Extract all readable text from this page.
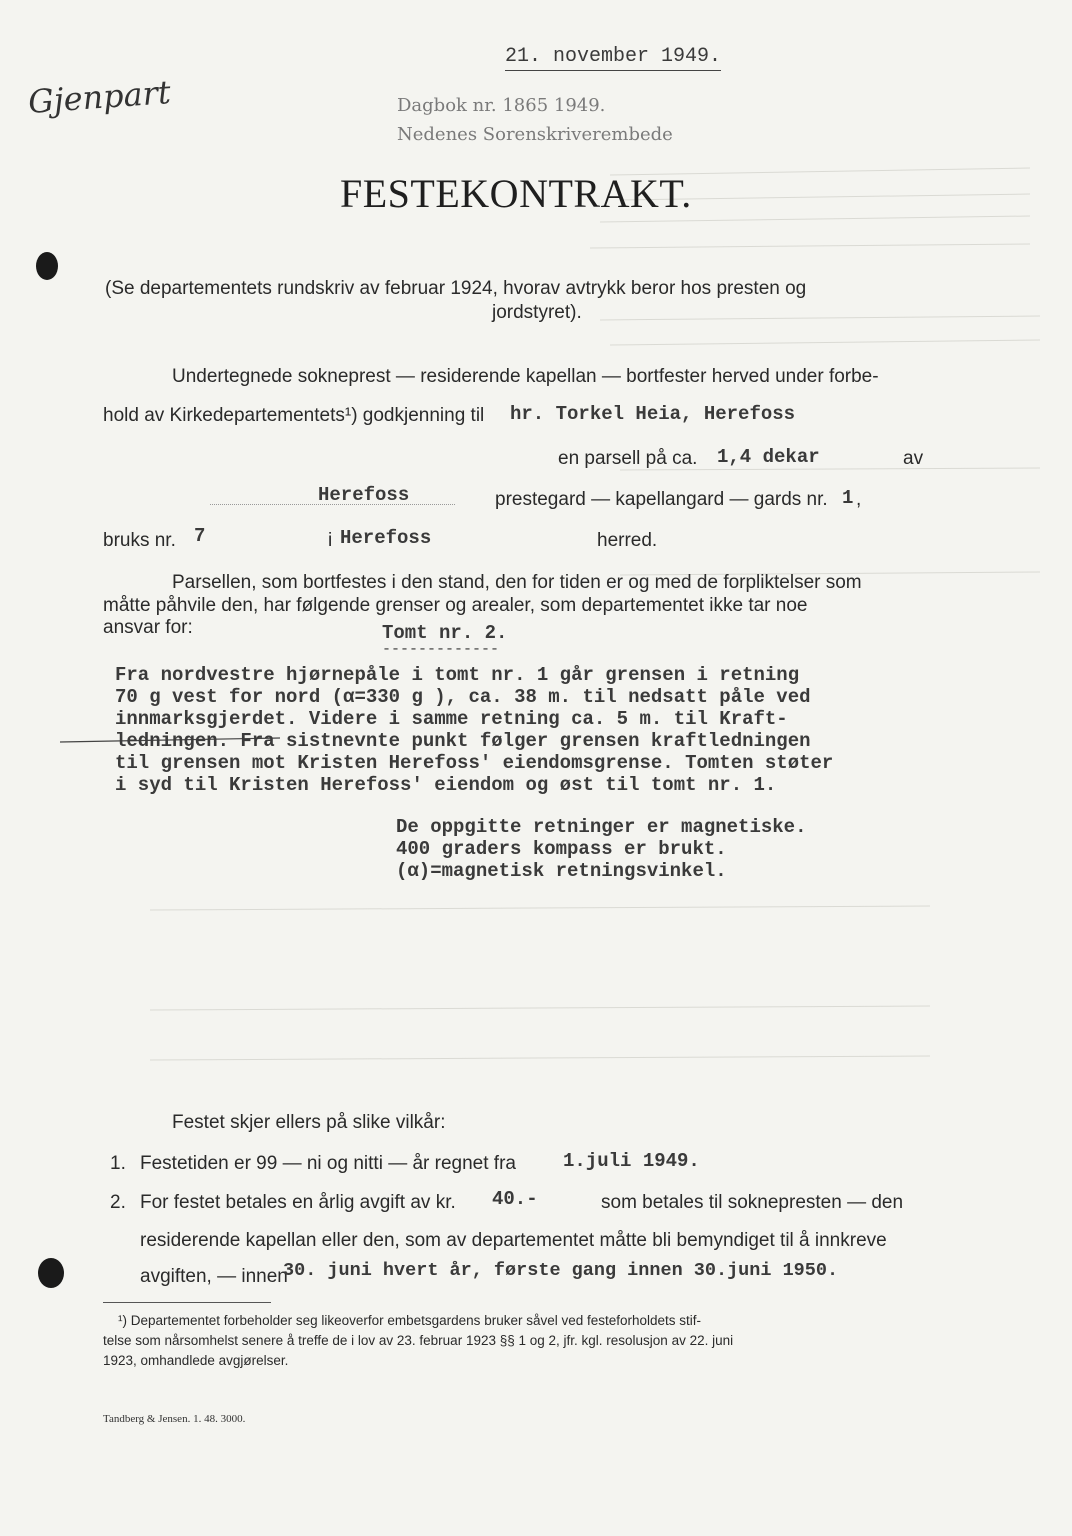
21. november 1949.
Gjenpart	Dagbok nr. 1865 1949.
Nedenes Sorenskriverembede
FESTEKONTRAKT.
(Se departementets rundskriv av februar 1924, hvorav avtrykk beror hos presten og
jordstyret).
Undertegnede sokneprest — residerende kapellan — bortfester herved under forbe-
hold av Kirkedepartementets¹) godkjenning til hr. Torkel Heia, Herefoss
en parsell på ca. 1,4 dekar	av
Herefoss	prestegard — kapellangard — gards nr. 1 ,
bruks nr. 7	i Herefoss	herred.
Parsellen, som bortfestes i den stand, den for tiden er og med de forpliktelser som
måtte påhvile den, har følgende grenser og arealer, som departementet ikke tar noe
ansvar for:	Tomt nr. 2.
-------------
Fra nordvestre hjørnepåle i tomt nr. 1 går grensen i retning
70 g vest for nord (α=330 g ), ca. 38 m. til nedsatt påle ved
innmarksgjerdet. Videre i samme retning ca. 5 m. til Kraft-
ledningen. Fra sistnevnte punkt følger grensen kraftledningen
til grensen mot Kristen Herefoss' eiendomsgrense. Tomten støter
i syd til Kristen Herefoss' eiendom og øst til tomt nr. 1.
De oppgitte retninger er magnetiske.
400 graders kompass er brukt.
(α)=magnetisk retningsvinkel.
Festet skjer ellers på slike vilkår:
1. Festetiden er 99 — ni og nitti — år regnet fra 1.juli 1949.
2. For festet betales en årlig avgift av kr. 40.-	som betales til soknepresten — den
residerende kapellan eller den, som av departementet måtte bli bemyndiget til å innkreve
avgiften, — innen
30. juni hvert år, første gang innen 30.juni 1950.
¹) Departementet forbeholder seg likeoverfor embetsgardens bruker såvel ved festeforholdets stif-
telse som nårsomhelst senere å treffe de i lov av 23. februar 1923 §§ 1 og 2, jfr. kgl. resolusjon av 22. juni
1923, omhandlede avgjørelser.
Tandberg & Jensen. 1. 48. 3000.
